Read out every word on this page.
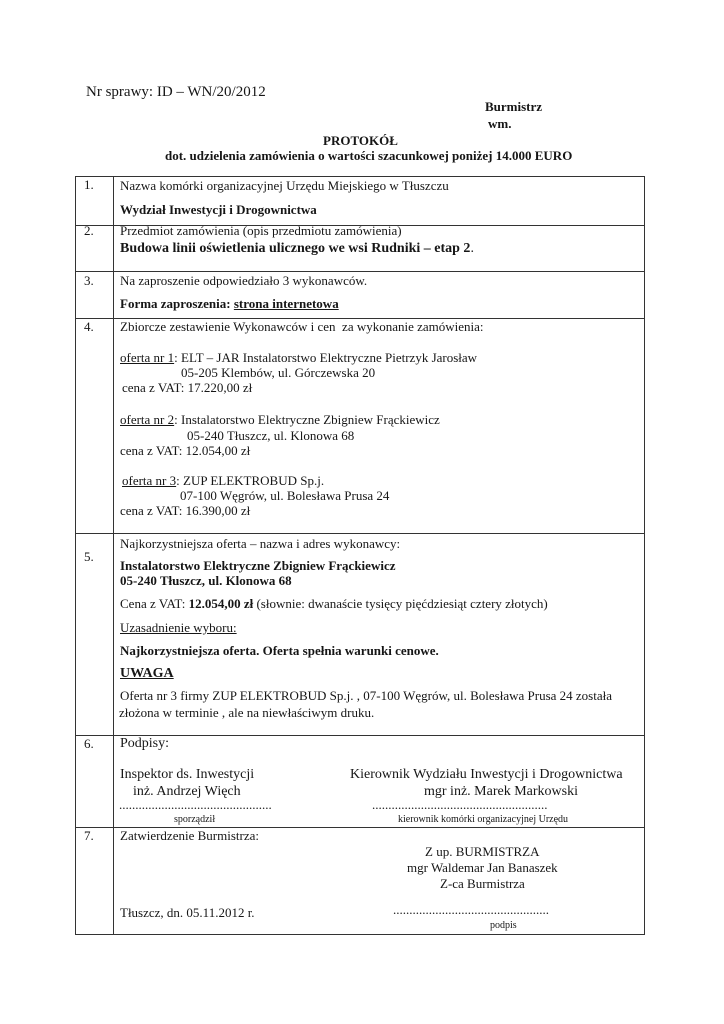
Nr sprawy: ID – WN/20/2012
Burmistrz
wm.
PROTOKÓŁ
dot. udzielenia zamówienia o wartości szacunkowej poniżej 14.000 EURO
1. Nazwa komórki organizacyjnej Urzędu Miejskiego w Tłuszczu
Wydział Inwestycji i Drogownictwa
2. Przedmiot zamówienia (opis przedmiotu zamówienia)
Budowa linii oświetlenia ulicznego we wsi Rudniki – etap 2.
3. Na zaproszenie odpowiedziało 3 wykonawców.
Forma zaproszenia: strona internetowa
4. Zbiorcze zestawienie Wykonawców i cen  za wykonanie zamówienia:
oferta nr 1: ELT – JAR Instalatorstwo Elektryczne Pietrzyk Jarosław
05-205 Klembów, ul. Górczewska 20
cena z VAT: 17.220,00 zł
oferta nr 2: Instalatorstwo Elektryczne Zbigniew Frąckiewicz
05-240 Tłuszcz, ul. Klonowa 68
cena z VAT: 12.054,00 zł
oferta nr 3: ZUP ELEKTROBUD Sp.j.
07-100 Węgrów, ul. Bolesława Prusa 24
cena z VAT: 16.390,00 zł
5.
Najkorzystniejsza oferta – nazwa i adres wykonawcy:
Instalatorstwo Elektryczne Zbigniew Frąckiewicz
05-240 Tłuszcz, ul. Klonowa 68
Cena z VAT: 12.054,00 zł (słownie: dwanaście tysięcy pięćdziesiąt cztery złotych)
Uzasadnienie wyboru:
Najkorzystniejsza oferta. Oferta spełnia warunki cenowe.
UWAGA
Oferta nr 3 firmy ZUP ELEKTROBUD Sp.j. , 07-100 Węgrów, ul. Bolesława Prusa 24 została
złożona w terminie , ale na niewłaściwym druku.
6. Podpisy:
Inspektor ds. Inwestycji	Kierownik Wydziału Inwestycji i Drogownictwa
inż. Andrzej Więch	mgr inż. Marek Markowski
...............................................	......................................................
sporządził	kierownik komórki organizacyjnej Urzędu
7. Zatwierdzenie Burmistrza:
Z up. BURMISTRZA
mgr Waldemar Jan Banaszek
Z-ca Burmistrza
Tłuszcz, dn. 05.11.2012 r.	................................................
podpis
